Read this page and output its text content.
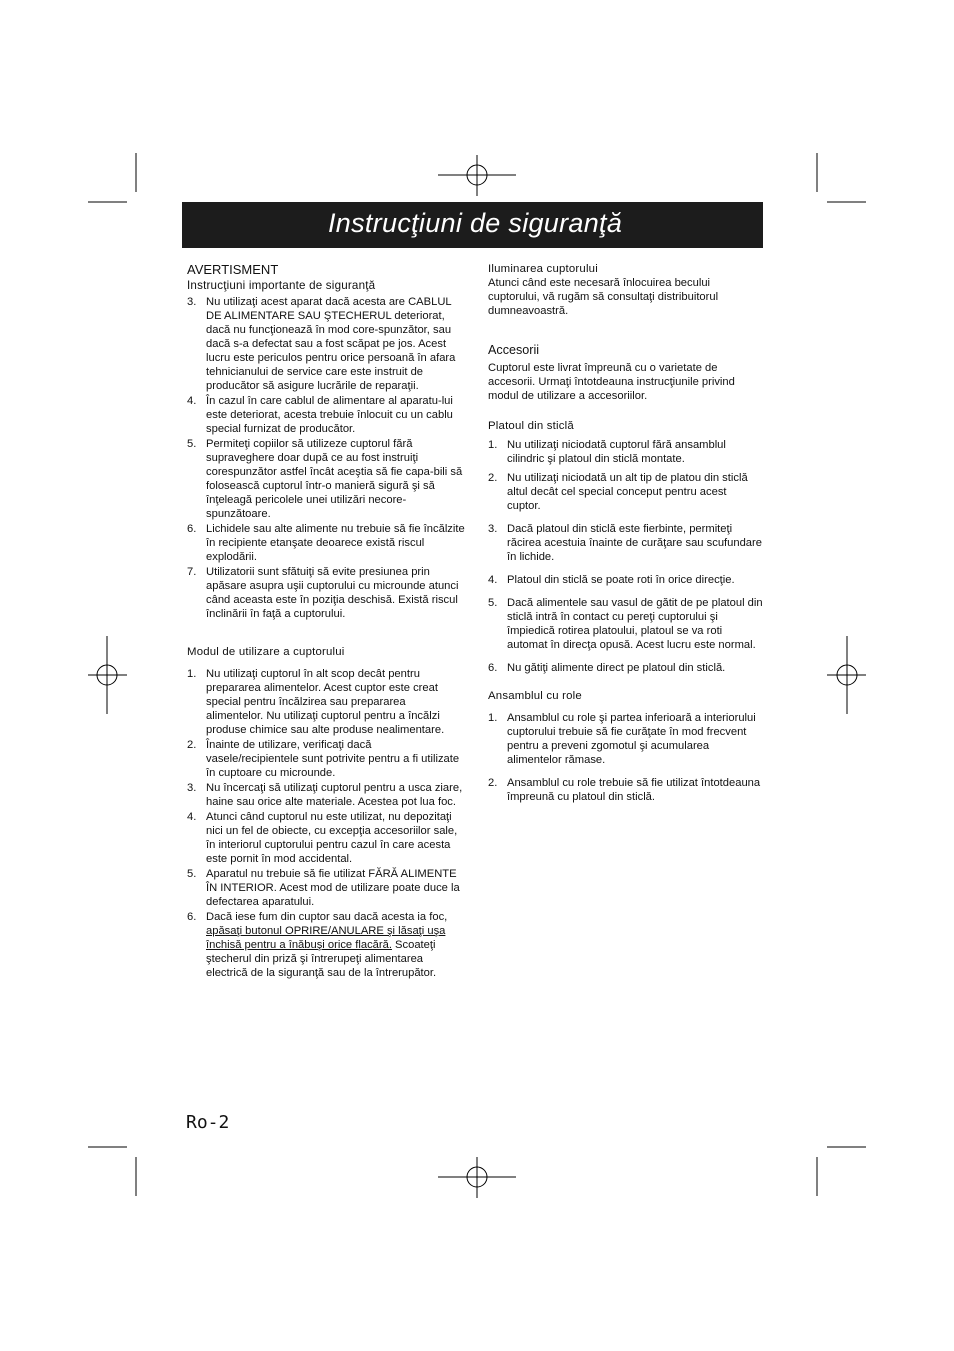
Instrucţiuni de siguranţă
AVERTISMENT
Instrucţiuni importante de siguranţă
3. Nu utilizaţi acest aparat dacă acesta are CABLUL DE ALIMENTARE SAU ŞTECHERUL deteriorat, dacă nu funcţionează în mod core-spunzător, sau dacă s-a defectat sau a fost scăpat pe jos. Acest lucru este periculos pentru orice persoană în afara tehnicianului de service care este instruit de producător să asigure lucrările de reparaţii.
4. În cazul în care cablul de alimentare al aparatu-lui este deteriorat, acesta trebuie înlocuit cu un cablu special furnizat de producător.
5. Permiteţi copiilor să utilizeze cuptorul fără supraveghere doar după ce au fost instruiţi corespunzător astfel încât aceştia să fie capa-bili să folosească cuptorul într-o manieră sigură şi să înţeleagă pericolele unei utilizări necore-spunzătoare.
6. Lichidele sau alte alimente nu trebuie să fie încălzite în recipiente etanşate deoarece există riscul explodării.
7. Utilizatorii sunt sfătuiţi să evite presiunea prin apăsare asupra uşii cuptorului cu microunde atunci când aceasta este în poziţia deschisă. Există riscul înclinării în faţă a cuptorului.
Modul de utilizare a cuptorului
1. Nu utilizaţi cuptorul în alt scop decât pentru prepararea alimentelor. Acest cuptor este creat special pentru încălzirea sau prepararea alimentelor. Nu utilizaţi cuptorul pentru a încălzi produse chimice sau alte produse nealimentare.
2. Înainte de utilizare, verificaţi dacă vasele/recipientele sunt potrivite pentru a fi utilizate în cuptoare cu microunde.
3. Nu încercaţi să utilizaţi cuptorul pentru a usca ziare, haine sau orice alte materiale. Acestea pot lua foc.
4. Atunci când cuptorul nu este utilizat, nu depozitaţi nici un fel de obiecte, cu excepţia accesoriilor sale, în interiorul cuptorului pentru cazul în care acesta este pornit în mod accidental.
5. Aparatul nu trebuie să fie utilizat FĂRĂ ALIMENTE ÎN INTERIOR. Acest mod de utilizare poate duce la defectarea aparatului.
6. Dacă iese fum din cuptor sau dacă acesta ia foc, apăsaţi butonul OPRIRE/ANULARE şi lăsaţi uşa închisă pentru a înăbuşi orice flacără. Scoateţi ştecherul din priză şi întrerupeţi alimentarea electrică de la siguranţă sau de la întrerupător.
Iluminarea cuptorului

Atunci când este necesară înlocuirea becului cuptorului, vă rugăm să consultaţi distribuitorul dumneavoastră.

Accesorii

Cuptorul este livrat împreună cu o varietate de accesorii. Urmaţi întotdeauna instrucţiunile privind modul de utilizare a accesoriilor.

Platoul din sticlă
1. Nu utilizaţi niciodată cuptorul fără ansamblul cilindric şi platoul din sticlă montate.
2. Nu utilizaţi niciodată un alt tip de platou din sticlă altul decât cel special conceput pentru acest cuptor.
3. Dacă platoul din sticlă este fierbinte, permiteţi răcirea acestuia înainte de curăţare sau scufundare în lichide.
4. Platoul din sticlă se poate roti în orice direcţie.
5. Dacă alimentele sau vasul de gătit de pe platoul din sticlă intră în contact cu pereţi cuptorului şi împiedică rotirea platoului, platoul se va roti automat în direcţa opusă. Acest lucru este normal.
6. Nu gătiţi alimente direct pe platoul din sticlă.
Ansamblul cu role
1. Ansamblul cu role şi partea inferioară a interiorului cuptorului trebuie să fie curăţate în mod frecvent pentru a preveni zgomotul şi acumularea alimentelor rămase.
2. Ansamblul cu role trebuie să fie utilizat întotdeauna împreună cu platoul din sticlă.

Ro-2
